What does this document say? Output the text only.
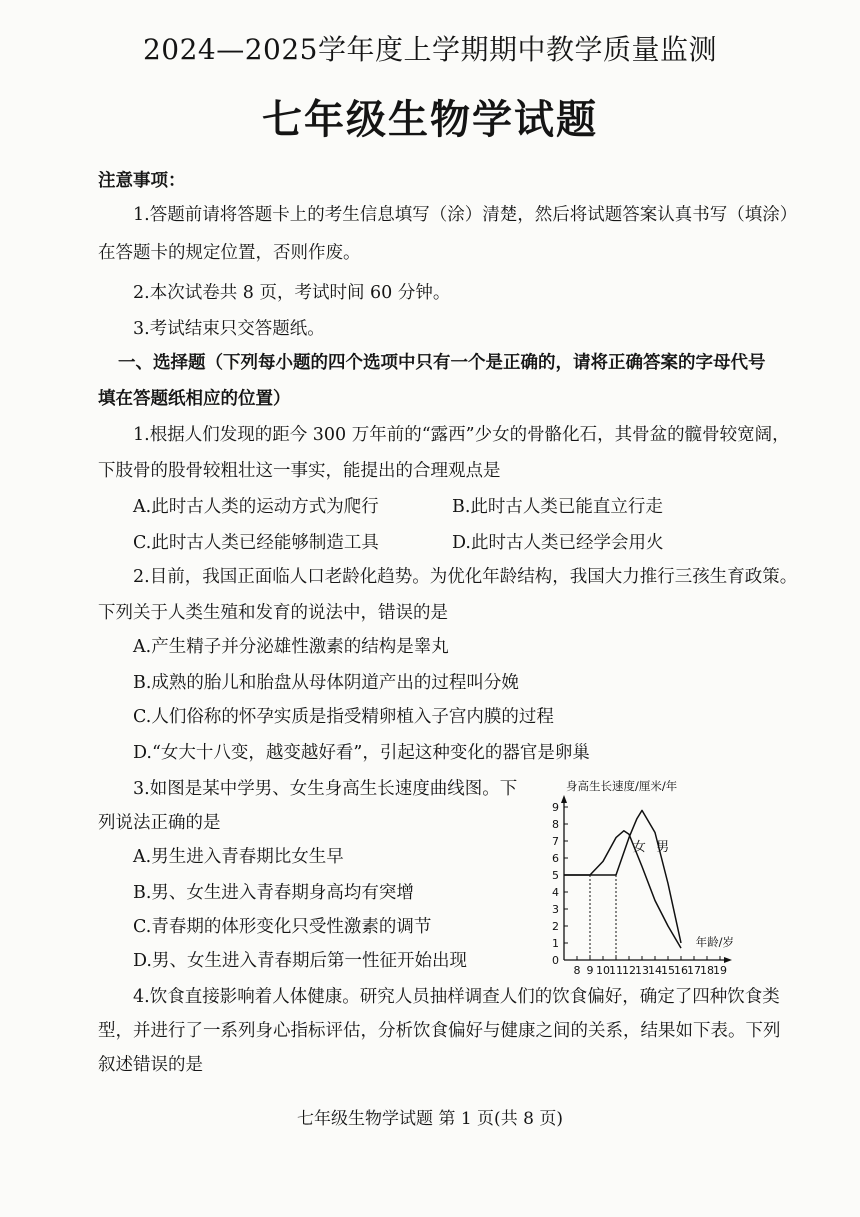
2024—2025学年度上学期期中教学质量监测
七年级生物学试题
注意事项：
1.答题前请将答题卡上的考生信息填写（涂）清楚，然后将试题答案认真书写（填涂）
在答题卡的规定位置，否则作废。
2.本次试卷共 8 页，考试时间 60 分钟。
3.考试结束只交答题纸。
一、选择题（下列每小题的四个选项中只有一个是正确的，请将正确答案的字母代号
填在答题纸相应的位置）
1.根据人们发现的距今 300 万年前的“露西”少女的骨骼化石，其骨盆的髋骨较宽阔，
下肢骨的股骨较粗壮这一事实，能提出的合理观点是
A.此时古人类的运动方式为爬行	B.此时古人类已能直立行走
C.此时古人类已经能够制造工具	D.此时古人类已经学会用火
2.目前，我国正面临人口老龄化趋势。为优化年龄结构，我国大力推行三孩生育政策。
下列关于人类生殖和发育的说法中，错误的是
A.产生精子并分泌雄性激素的结构是睾丸
B.成熟的胎儿和胎盘从母体阴道产出的过程叫分娩
C.人们俗称的怀孕实质是指受精卵植入子宫内膜的过程
D.“女大十八变，越变越好看”，引起这种变化的器官是卵巢
3.如图是某中学男、女生身高生长速度曲线图。下
列说法正确的是
A.男生进入青春期比女生早
B.男、女生进入青春期身高均有突增
C.青春期的体形变化只受性激素的调节
D.男、女生进入青春期后第一性征开始出现	0
1
2
3
4
5
6
7
8
9
8 9 10 11 12 13 14 15 16 17 18 19
身高生长速度/厘米/年
年龄/岁
女 男
4.饮食直接影响着人体健康。研究人员抽样调查人们的饮食偏好，确定了四种饮食类
型，并进行了一系列身心指标评估，分析饮食偏好与健康之间的关系，结果如下表。下列
叙述错误的是
七年级生物学试题 第 1 页(共 8 页)
